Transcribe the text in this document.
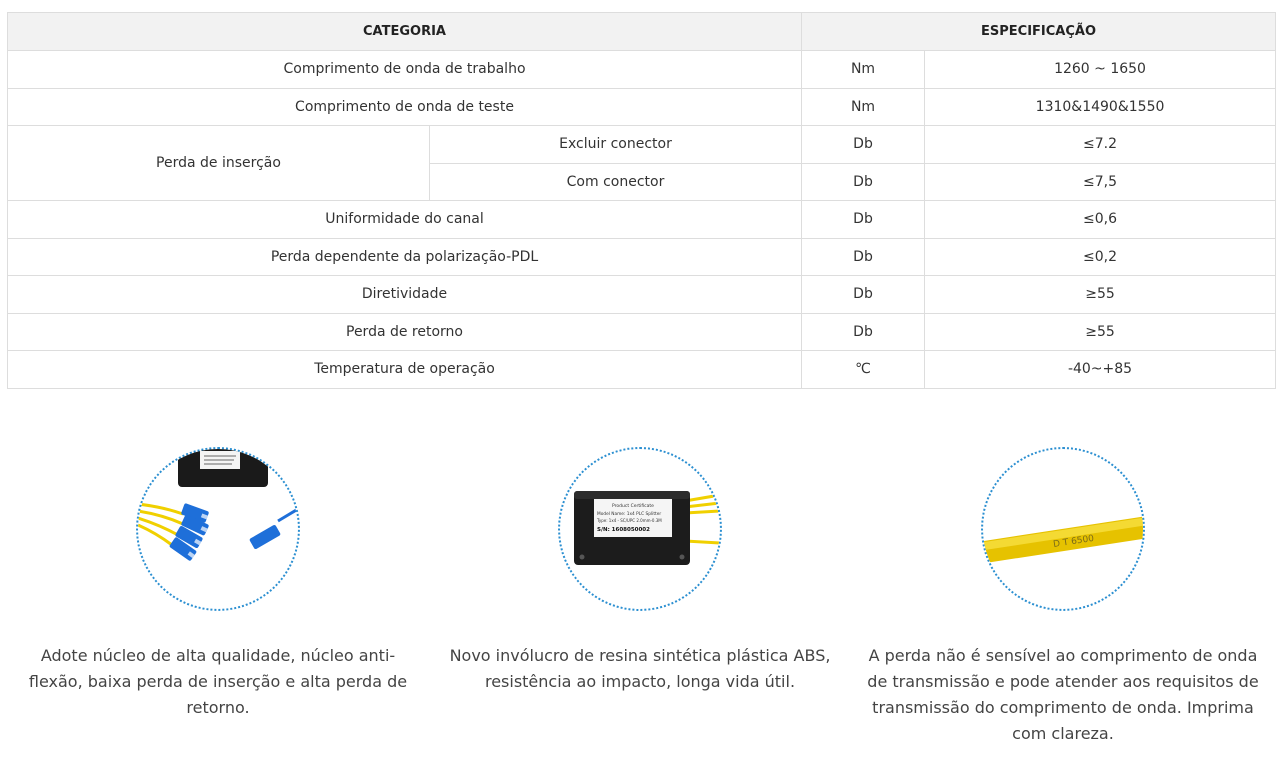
CATEGORIA		ESPECIFICAÇÃO	
Comprimento de onda de trabalho		Nm	1260 ~ 1650
Comprimento de onda de teste		Nm	1310&1490&1550
Perda de inserção	Excluir conector	Db	≤7.2
	Com conector	Db	≤7,5
Uniformidade do canal		Db	≤0,6
Perda dependente da polarização-PDL		Db	≤0,2
Diretividade		Db	≥55
Perda de retorno		Db	≥55
Temperatura de operação		℃	-40~+85
Adote núcleo de alta qualidade, núcleo anti-flexão, baixa perda de inserção e alta perda de retorno.
Product Certificate
Model Name: 1x4 PLC Splitter
Type: 1x4 - SC/UPC 2.0mm-0.3M
S/N: 1608050002
Novo invólucro de resina sintética plástica ABS, resistência ao impacto, longa vida útil.
D T 6500
A perda não é sensível ao comprimento de onda de transmissão e pode atender aos requisitos de transmissão do comprimento de onda. Imprima com clareza.
